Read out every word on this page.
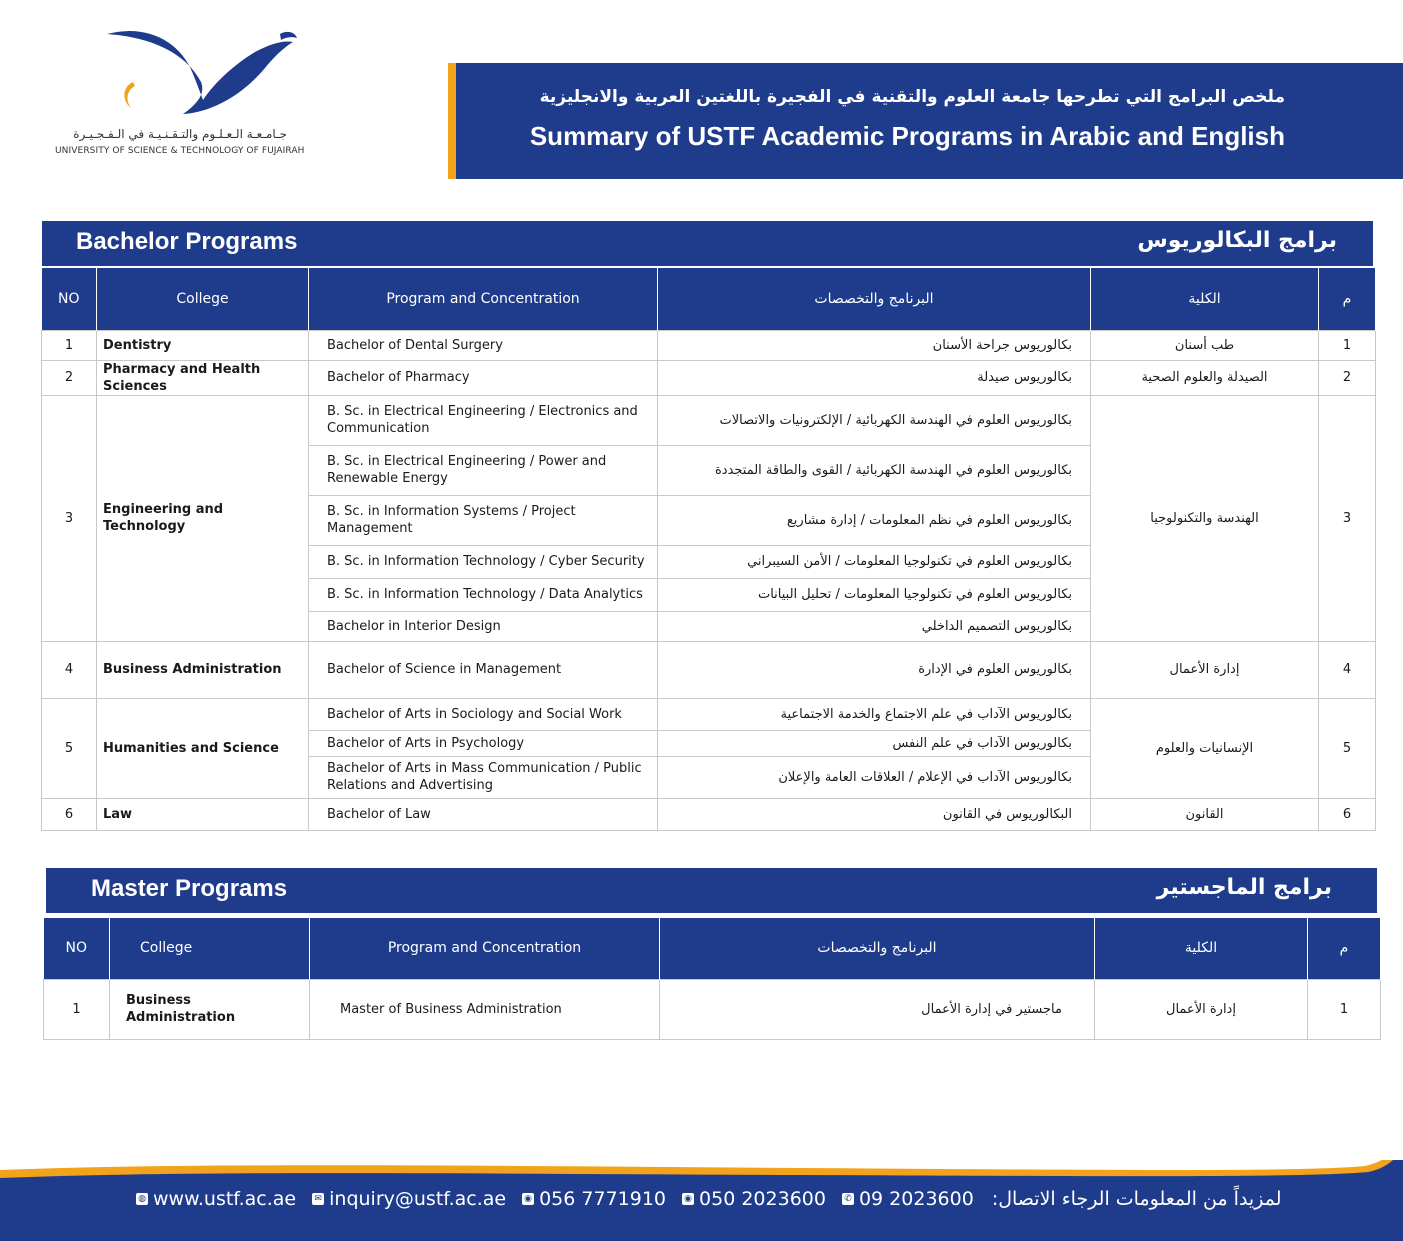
جـامـعـة الـعـلـوم والتـقـنـيـة في الـفـجـيـرة
UNIVERSITY OF SCIENCE & TECHNOLOGY OF FUJAIRAH
ملخص البرامج التي تطرحها جامعة العلوم والتقنية في الفجيرة باللغتين العربية والانجليزية
Summary of USTF Academic Programs in Arabic and English
Bachelor Programs	برامج البكالوريوس
NO	College	Program and Concentration	البرنامج والتخصصات	الكلية	م
1	Dentistry	Bachelor of Dental Surgery	بكالوريوس جراحة الأسنان	طب أسنان	1
2	Pharmacy and Health Sciences	Bachelor of Pharmacy	بكالوريوس صيدلة	الصيدلة والعلوم الصحية	2
3	Engineering and Technology	B. Sc. in Electrical Engineering / Electronics and Communication	بكالوريوس العلوم في الهندسة الكهربائية / الإلكترونيات والاتصالات	الهندسة والتكنولوجيا	3
		B. Sc. in Electrical Engineering / Power and Renewable Energy	بكالوريوس العلوم في الهندسة الكهربائية / القوى والطاقة المتجددة		
		B. Sc. in Information Systems / Project Management	بكالوريوس العلوم في نظم المعلومات / إدارة مشاريع		
		B. Sc. in Information Technology / Cyber Security	بكالوريوس العلوم في تكنولوجيا المعلومات / الأمن السيبراني		
		B. Sc. in Information Technology / Data Analytics	بكالوريوس العلوم في تكنولوجيا المعلومات / تحليل البيانات		
		Bachelor in Interior Design	بكالوريوس التصميم الداخلي		
4	Business Administration	Bachelor of Science in Management	بكالوريوس العلوم في الإدارة	إدارة الأعمال	4
5	Humanities and Science	Bachelor of Arts in Sociology and Social Work	بكالوريوس الآداب في علم الاجتماع والخدمة الاجتماعية	الإنسانيات والعلوم	5
		Bachelor of Arts in Psychology	بكالوريوس الآداب في علم النفس		
		Bachelor of Arts in Mass Communication / Public Relations and Advertising	بكالوريوس الآداب في الإعلام / العلاقات العامة والإعلان		
6	Law	Bachelor of Law	البكالوريوس في القانون	القانون	6
Master Programs	برامج الماجستير
NO	College	Program and Concentration	البرنامج والتخصصات	الكلية	م
1	Business Administration	Master of Business Administration	ماجستير في إدارة الأعمال	إدارة الأعمال	1
◍ www.ustf.ac.ae ✉ inquiry@ustf.ac.ae ◉ 056 7771910 ◉ 050 2023600 ✆ 09 2023600 لمزيداً من المعلومات الرجاء الاتصال:
